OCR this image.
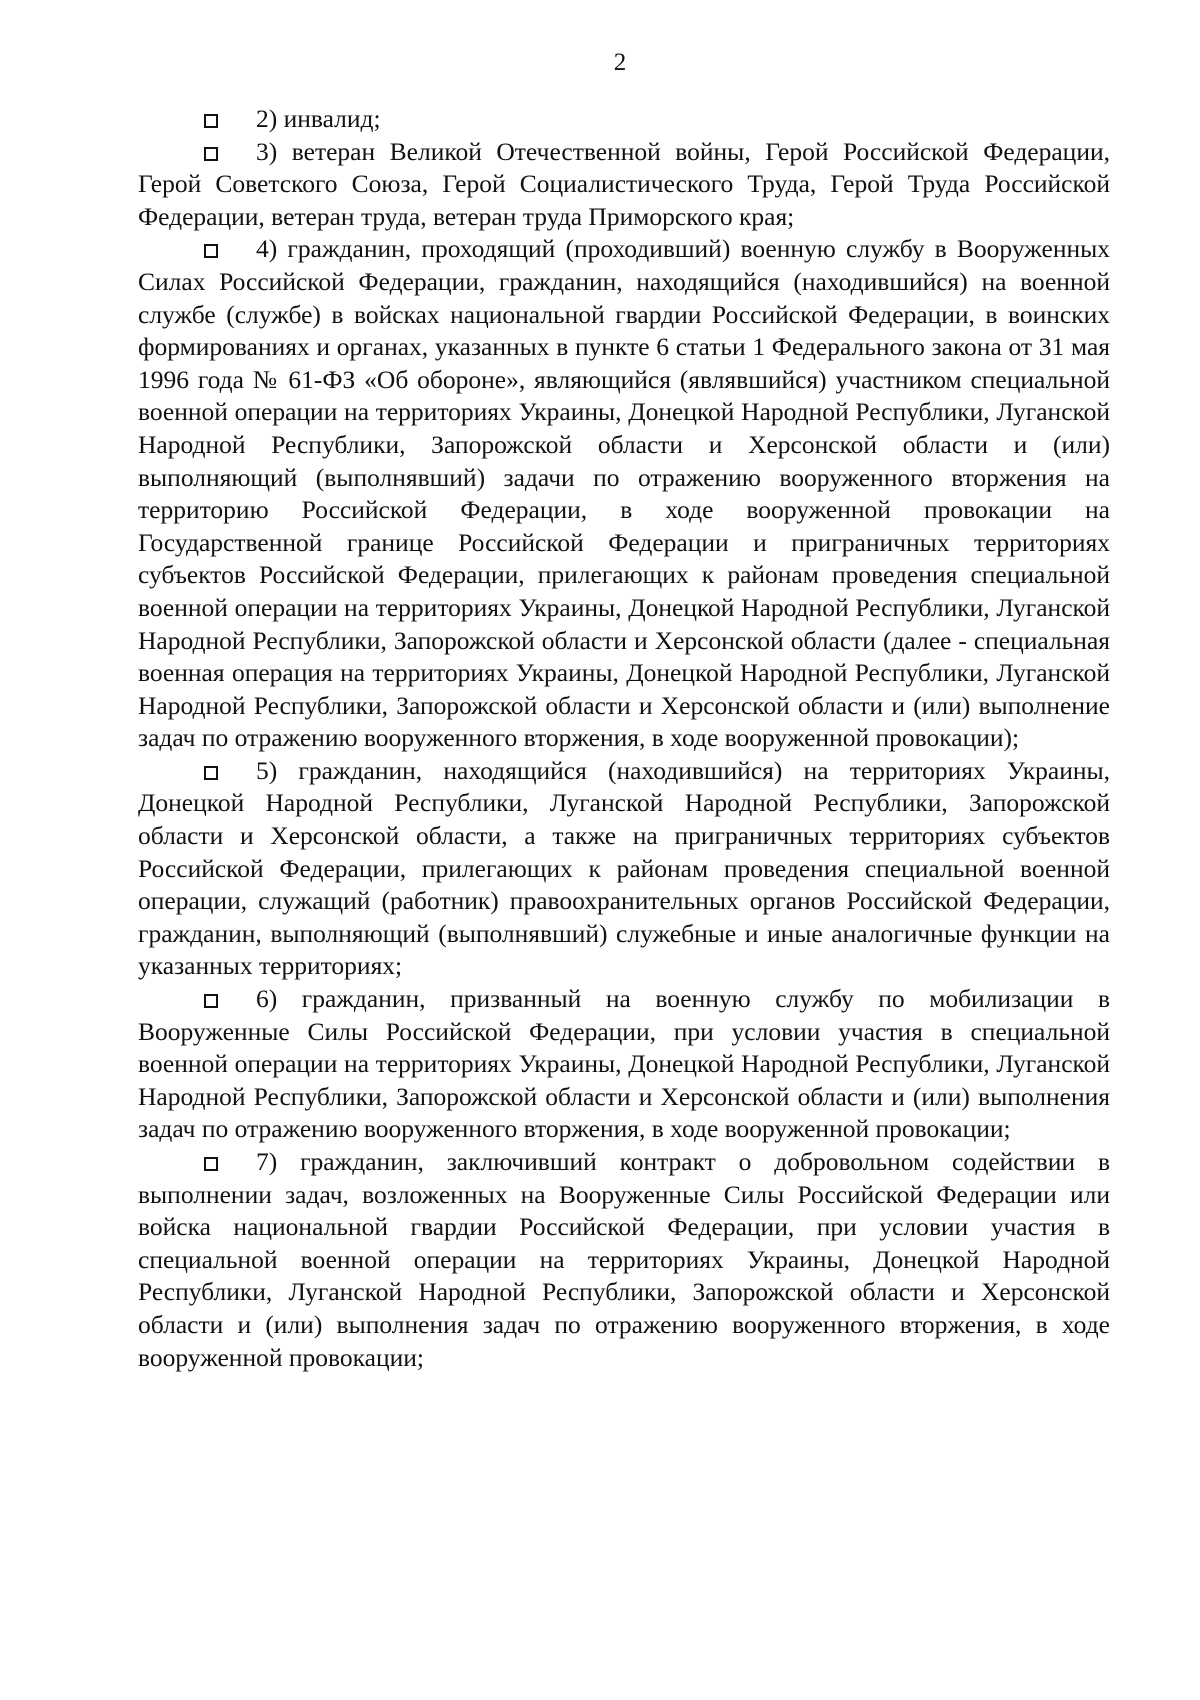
2

2) инвалид;

3) ветеран Великой Отечественной войны, Герой Российской Федерации, Герой Советского Союза, Герой Социалистического Труда, Герой Труда Российской Федерации, ветеран труда, ветеран труда Приморского края;

4) гражданин, проходящий (проходивший) военную службу в Вооруженных Силах Российской Федерации, гражданин, находящийся (находившийся) на военной службе (службе) в войсках национальной гвардии Российской Федерации, в воинских формированиях и органах, указанных в пункте 6 статьи 1 Федерального закона от 31 мая 1996 года № 61-ФЗ «Об обороне», являющийся (являвшийся) участником специальной военной операции на территориях Украины, Донецкой Народной Республики, Луганской Народной Республики, Запорожской области и Херсонской области и (или) выполняющий (выполнявший) задачи по отражению вооруженного вторжения на территорию Российской Федерации, в ходе вооруженной провокации на Государственной границе Российской Федерации и приграничных территориях субъектов Российской Федерации, прилегающих к районам проведения специальной военной операции на территориях Украины, Донецкой Народной Республики, Луганской Народной Республики, Запорожской области и Херсонской области (далее - специальная военная операция на территориях Украины, Донецкой Народной Республики, Луганской Народной Республики, Запорожской области и Херсонской области и (или) выполнение задач по отражению вооруженного вторжения, в ходе вооруженной провокации);

5) гражданин, находящийся (находившийся) на территориях Украины, Донецкой Народной Республики, Луганской Народной Республики, Запорожской области и Херсонской области, а также на приграничных территориях субъектов Российской Федерации, прилегающих к районам проведения специальной военной операции, служащий (работник) правоохранительных органов Российской Федерации, гражданин, выполняющий (выполнявший) служебные и иные аналогичные функции на указанных территориях;

6) гражданин, призванный на военную службу по мобилизации в Вооруженные Силы Российской Федерации, при условии участия в специальной военной операции на территориях Украины, Донецкой Народной Республики, Луганской Народной Республики, Запорожской области и Херсонской области и (или) выполнения задач по отражению вооруженного вторжения, в ходе вооруженной провокации;

7) гражданин, заключивший контракт о добровольном содействии в выполнении задач, возложенных на Вооруженные Силы Российской Федерации или войска национальной гвардии Российской Федерации, при условии участия в специальной военной операции на территориях Украины, Донецкой Народной Республики, Луганской Народной Республики, Запорожской области и Херсонской области и (или) выполнения задач по отражению вооруженного вторжения, в ходе вооруженной провокации;
